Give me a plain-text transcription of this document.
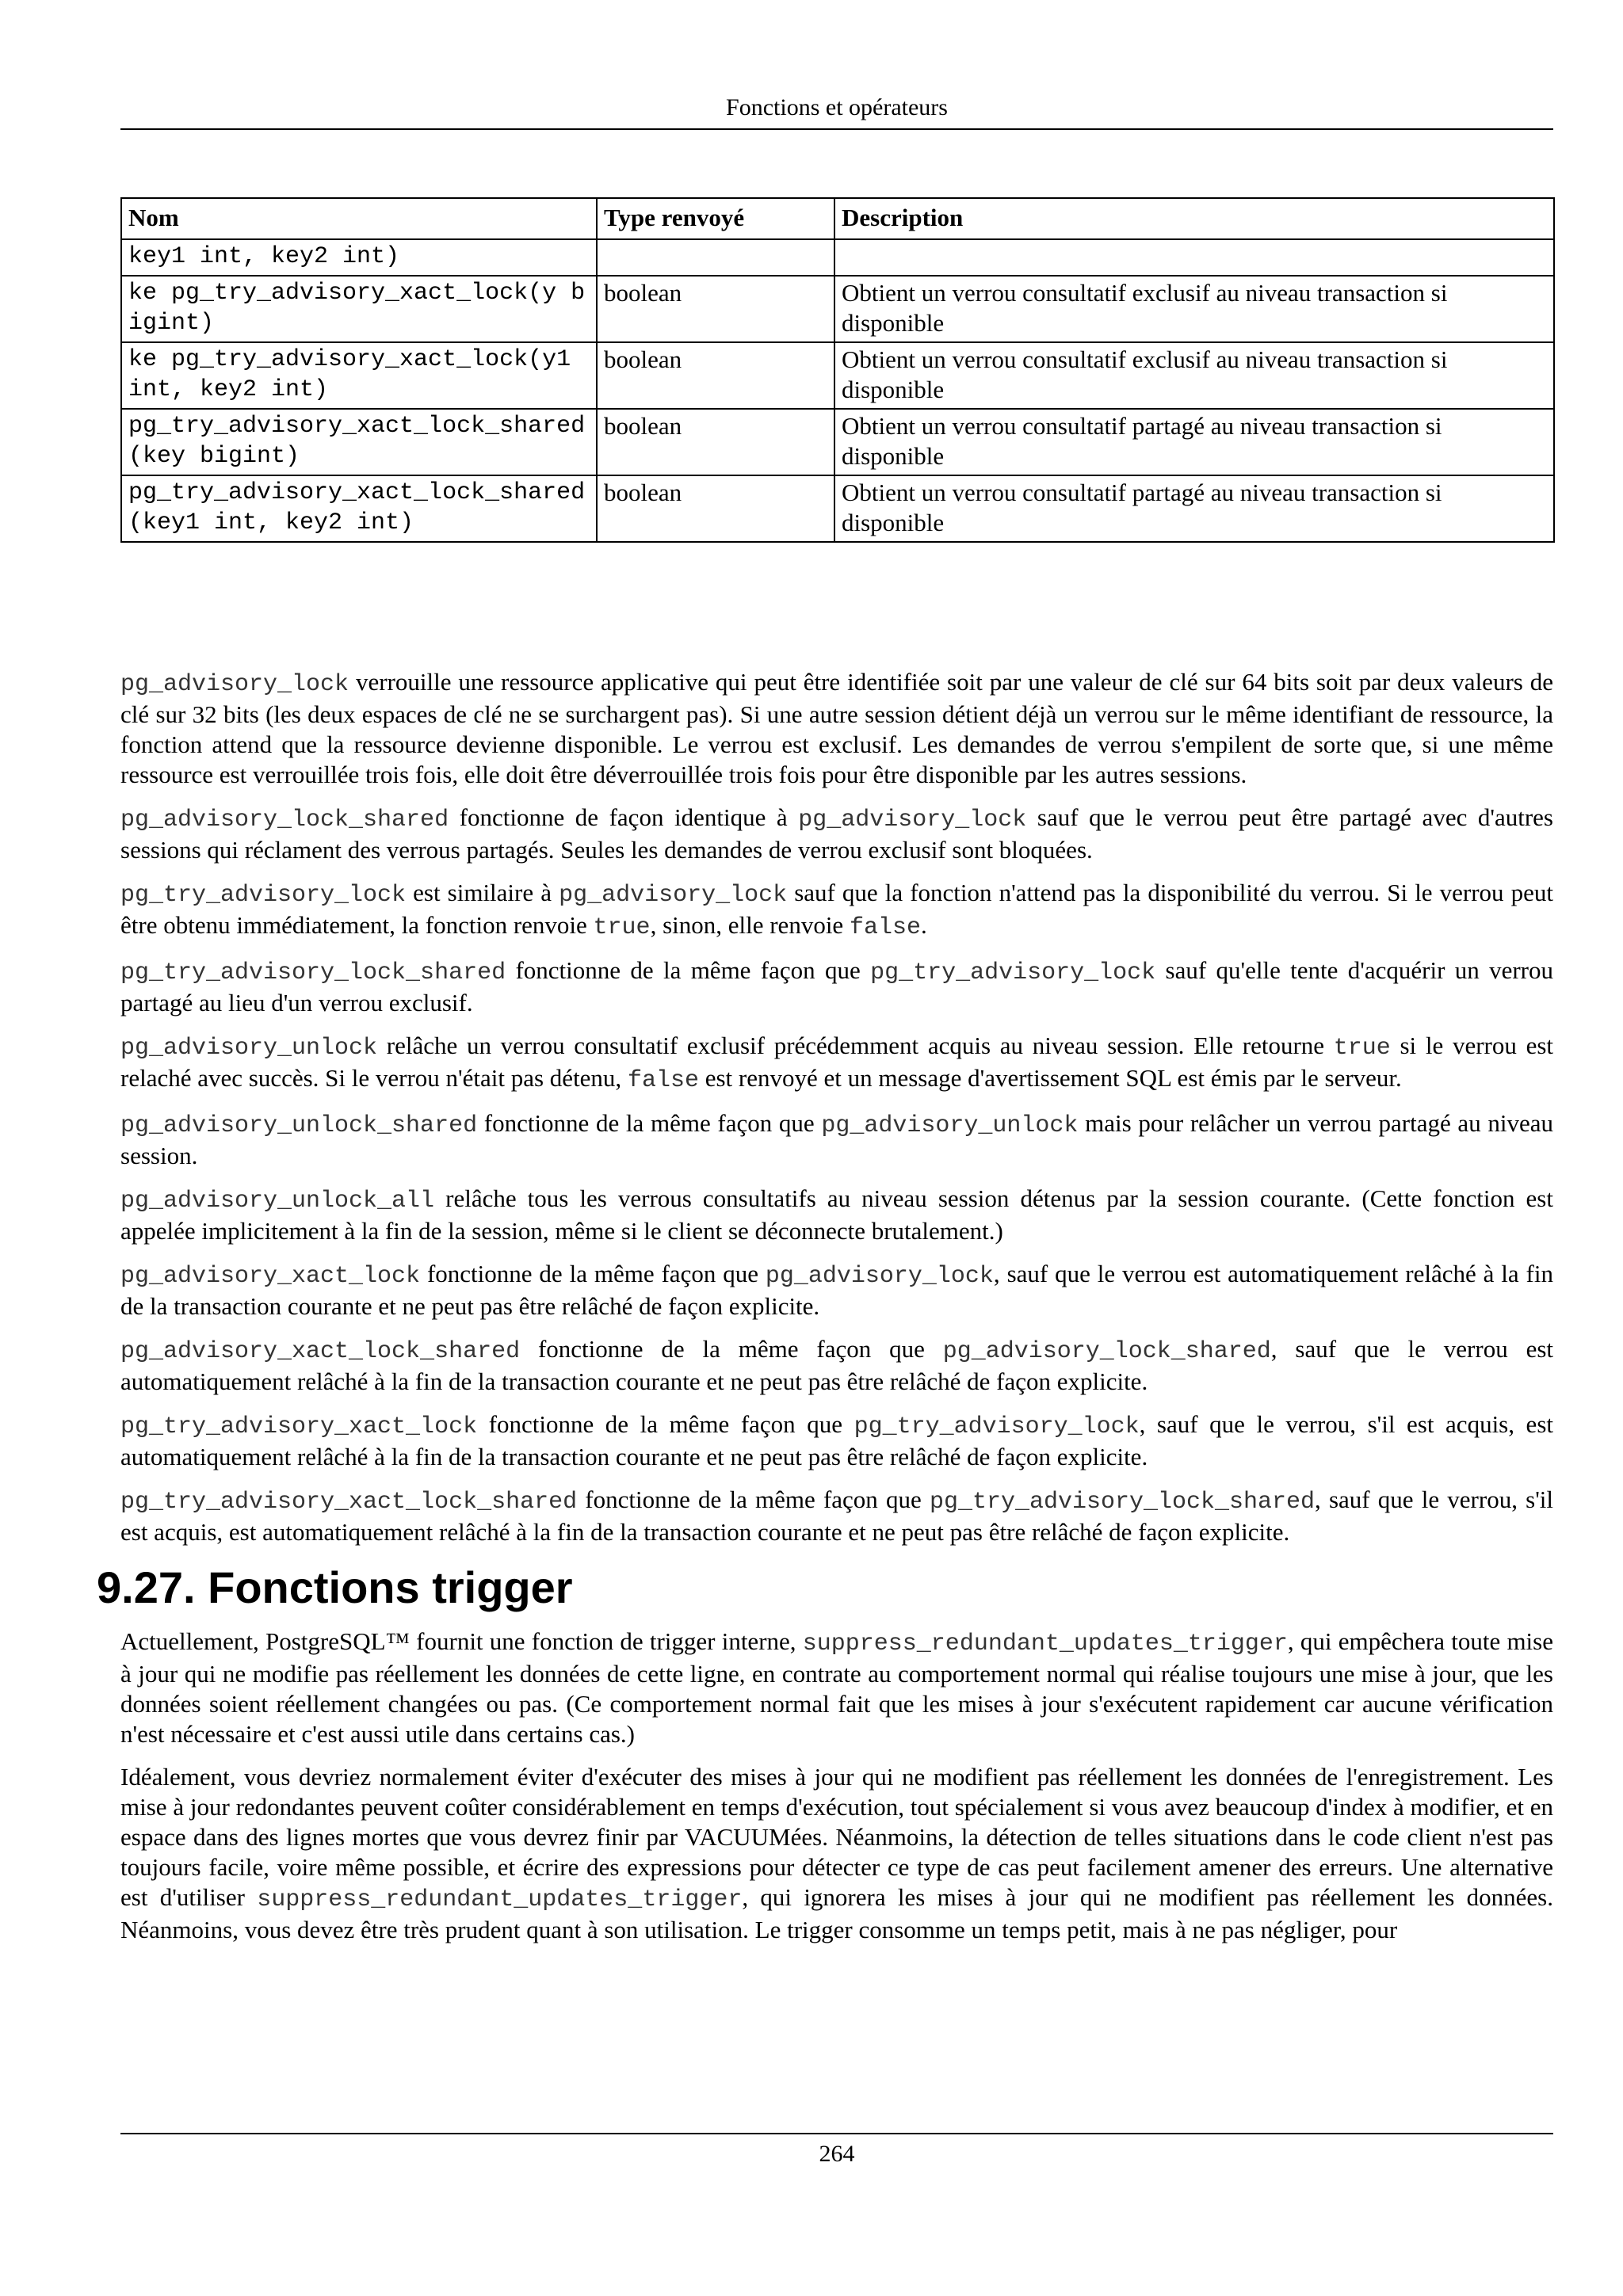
Fonctions et opérateurs
Nom	Type renvoyé	Description
key1 int, key2 int)		
ke pg_try_advisory_xact_lock(y bigint)	boolean	Obtient un verrou consultatif exclusif au niveau transaction si disponible
ke pg_try_advisory_xact_lock(y1 int, key2 int)	boolean	Obtient un verrou consultatif exclusif au niveau transaction si disponible
pg_try_advisory_xact_lock_shared(key bigint)	boolean	Obtient un verrou consultatif partagé au niveau transaction si disponible
pg_try_advisory_xact_lock_shared(key1 int, key2 int)	boolean	Obtient un verrou consultatif partagé au niveau transaction si disponible

pg_advisory_lock verrouille une ressource applicative qui peut être identifiée soit par une valeur de clé sur 64 bits soit par deux valeurs de clé sur 32 bits (les deux espaces de clé ne se surchargent pas). Si une autre session détient déjà un verrou sur le même identifiant de ressource, la fonction attend que la ressource devienne disponible. Le verrou est exclusif. Les demandes de verrou s'empilent de sorte que, si une même ressource est verrouillée trois fois, elle doit être déverrouillée trois fois pour être disponible par les autres sessions.

pg_advisory_lock_shared fonctionne de façon identique à pg_advisory_lock sauf que le verrou peut être partagé avec d'autres sessions qui réclament des verrous partagés. Seules les demandes de verrou exclusif sont bloquées.

pg_try_advisory_lock est similaire à pg_advisory_lock sauf que la fonction n'attend pas la disponibilité du verrou. Si le verrou peut être obtenu immédiatement, la fonction renvoie true, sinon, elle renvoie false.

pg_try_advisory_lock_shared fonctionne de la même façon que pg_try_advisory_lock sauf qu'elle tente d'acquérir un verrou partagé au lieu d'un verrou exclusif.

pg_advisory_unlock relâche un verrou consultatif exclusif précédemment acquis au niveau session. Elle retourne true si le verrou est relaché avec succès. Si le verrou n'était pas détenu, false est renvoyé et un message d'avertissement SQL est émis par le serveur.

pg_advisory_unlock_shared fonctionne de la même façon que pg_advisory_unlock mais pour relâcher un verrou partagé au niveau session.

pg_advisory_unlock_all relâche tous les verrous consultatifs au niveau session détenus par la session courante. (Cette fonction est appelée implicitement à la fin de la session, même si le client se déconnecte brutalement.)

pg_advisory_xact_lock fonctionne de la même façon que pg_advisory_lock, sauf que le verrou est automatiquement relâché à la fin de la transaction courante et ne peut pas être relâché de façon explicite.

pg_advisory_xact_lock_shared fonctionne de la même façon que pg_advisory_lock_shared, sauf que le verrou est automatiquement relâché à la fin de la transaction courante et ne peut pas être relâché de façon explicite.

pg_try_advisory_xact_lock fonctionne de la même façon que pg_try_advisory_lock, sauf que le verrou, s'il est acquis, est automatiquement relâché à la fin de la transaction courante et ne peut pas être relâché de façon explicite.

pg_try_advisory_xact_lock_shared fonctionne de la même façon que pg_try_advisory_lock_shared, sauf que le verrou, s'il est acquis, est automatiquement relâché à la fin de la transaction courante et ne peut pas être relâché de façon explicite.

9.27. Fonctions trigger

Actuellement, PostgreSQL™ fournit une fonction de trigger interne, suppress_redundant_updates_trigger, qui empêchera toute mise à jour qui ne modifie pas réellement les données de cette ligne, en contrate au comportement normal qui réalise toujours une mise à jour, que les données soient réellement changées ou pas. (Ce comportement normal fait que les mises à jour s'exécutent rapidement car aucune vérification n'est nécessaire et c'est aussi utile dans certains cas.)

Idéalement, vous devriez normalement éviter d'exécuter des mises à jour qui ne modifient pas réellement les données de l'enregistrement. Les mise à jour redondantes peuvent coûter considérablement en temps d'exécution, tout spécialement si vous avez beaucoup d'index à modifier, et en espace dans des lignes mortes que vous devrez finir par VACUUMées. Néanmoins, la détection de telles situations dans le code client n'est pas toujours facile, voire même possible, et écrire des expressions pour détecter ce type de cas peut facilement amener des erreurs. Une alternative est d'utiliser suppress_redundant_updates_trigger, qui ignorera les mises à jour qui ne modifient pas réellement les données. Néanmoins, vous devez être très prudent quant à son utilisation. Le trigger consomme un temps petit, mais à ne pas négliger, pour

264
